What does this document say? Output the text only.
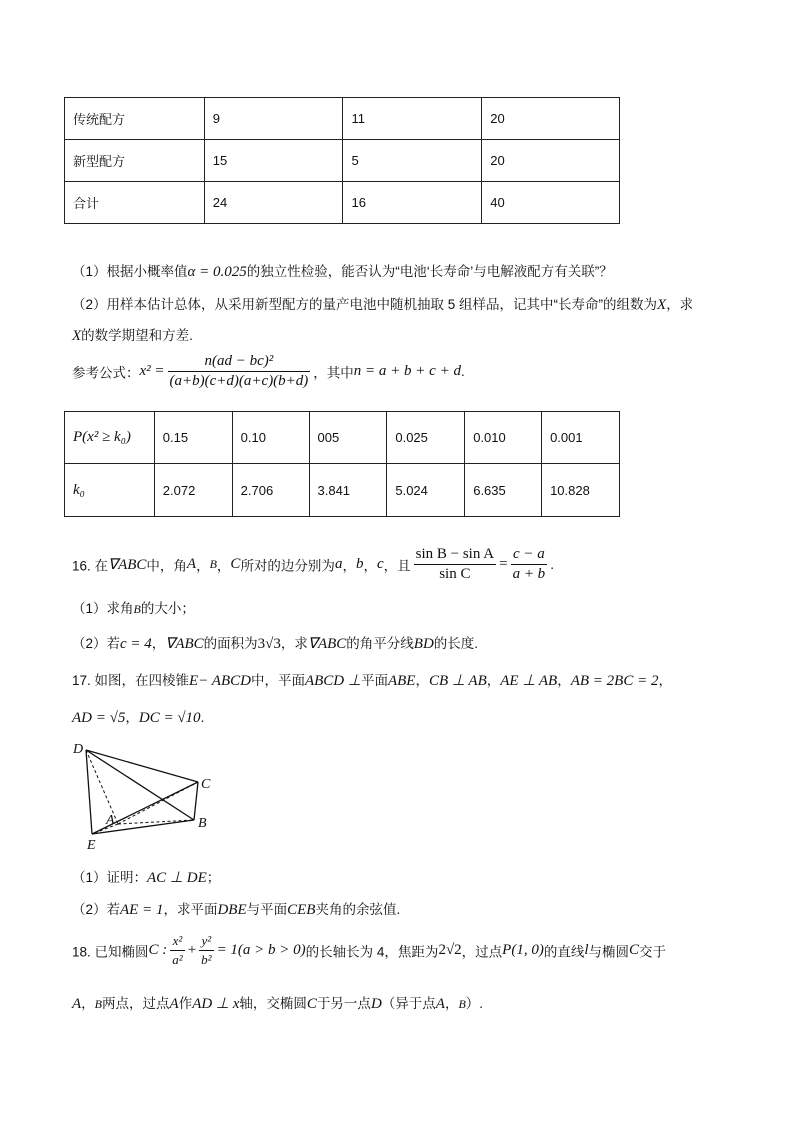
传统配方	9	11	20
新型配方	15	5	20
合计	24	16	40
（1）根据小概率值α = 0.025的独立性检验，能否认为“电池‘长寿命’与电解液配方有关联”？
（2）用样本估计总体，从采用新型配方的量产电池中随机抽取 5 组样品，记其中“长寿命”的组数为X，求
X的数学期望和方差.
参考公式：$x^2 = \frac{\text{n(ad − bc)²}}{(a+b)(c+d)(a+c)(b+d)}$ ，其中n = a + b + c + d.
P(x² ≥ k₀)	0.15	0.10	005	0.025	0.010	0.001
k₀	2.072	2.706	3.841	5.024	6.635	10.828
16. 在∇ABC中，角A，B，C所对的边分别为a，b，c，且 $\frac{\text{sin B − sin A}}{\text{sin C}} = \frac{c - a}{a + b}$ .
（1）求角B的大小；
（2）若c = 4，∇ABC的面积为3√3，求∇ABC的角平分线BD的长度.
17. 如图，在四棱锥E− ABCD中，平面ABCD ⊥平面ABE，CB ⊥ AB，AE ⊥ AB，AB = 2BC = 2，
AD = √5，DC = √10.
D
C
A	B
E
（1）证明：AC ⊥ DE；
（2）若AE = 1，求平面DBE与平面CEB夹角的余弦值.
18. 已知椭圆C : $\frac{\text{x²}}{\text{a²}} + \frac{\text{y²}}{\text{b²}} = 1(a > b > 0)$的长轴长为 4，焦距为2√2，过点P(1, 0)的直线l与椭圆C交于
A，B两点，过点A作AD ⊥ x轴，交椭圆C于另一点D（异于点A，B）.
